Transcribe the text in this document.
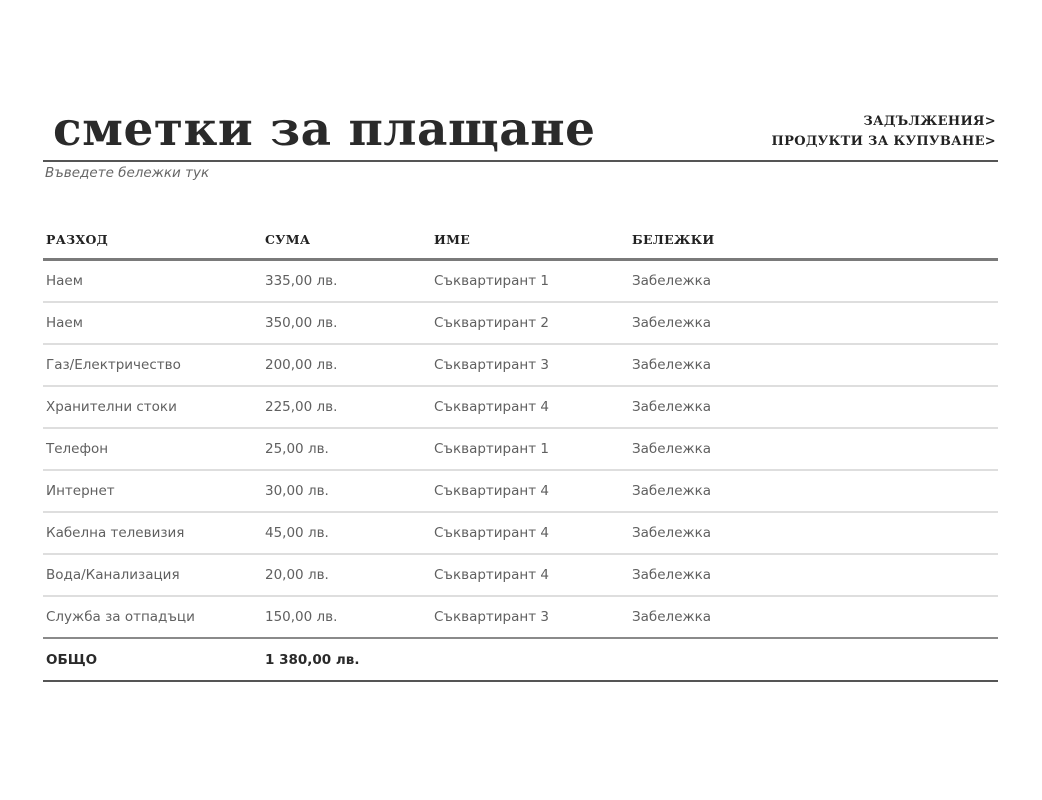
сметки за плащане	ЗАДЪЛЖЕНИЯ>
ПРОДУКТИ ЗА КУПУВАНЕ>
Въведете бележки тук
РАЗХОД	СУМА	ИМЕ	БЕЛЕЖКИ
Наем	335,00 лв.	Съквартирант 1	Забележка
Наем	350,00 лв.	Съквартирант 2	Забележка
Газ/Електричество	200,00 лв.	Съквартирант 3	Забележка
Хранителни стоки	225,00 лв.	Съквартирант 4	Забележка
Телефон	25,00 лв.	Съквартирант 1	Забележка
Интернет	30,00 лв.	Съквартирант 4	Забележка
Кабелна телевизия	45,00 лв.	Съквартирант 4	Забележка
Вода/Канализация	20,00 лв.	Съквартирант 4	Забележка
Служба за отпадъци	150,00 лв.	Съквартирант 3	Забележка
ОБЩО	1 380,00 лв.		
